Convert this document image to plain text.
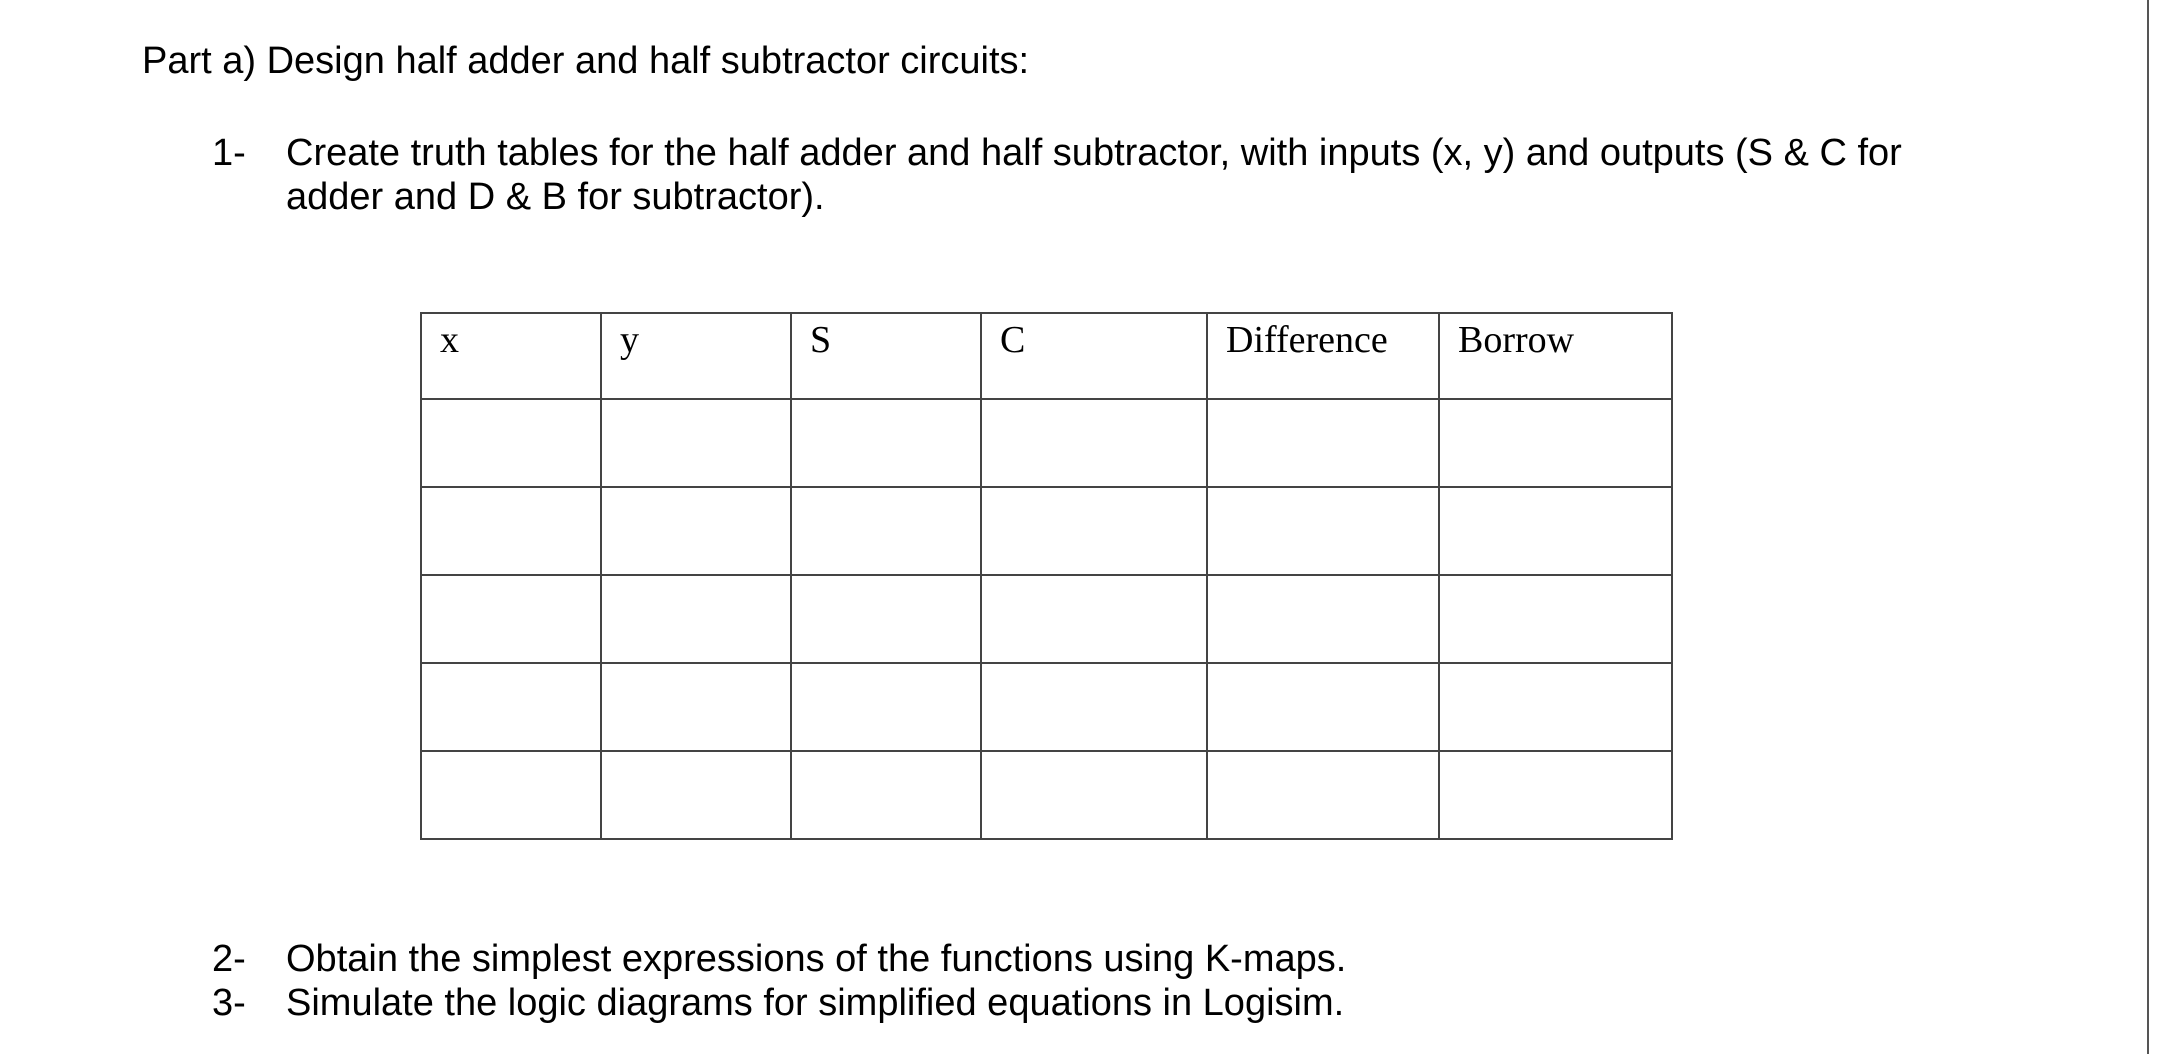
Part a) Design half adder and half subtractor circuits:
1-	Create truth tables for the half adder and half subtractor, with inputs (x, y) and outputs (S & C for adder and D & B for subtractor).
x	y	S	C	Difference	Borrow

2-	Obtain the simplest expressions of the functions using K-maps.
3-	Simulate the logic diagrams for simplified equations in Logisim.
